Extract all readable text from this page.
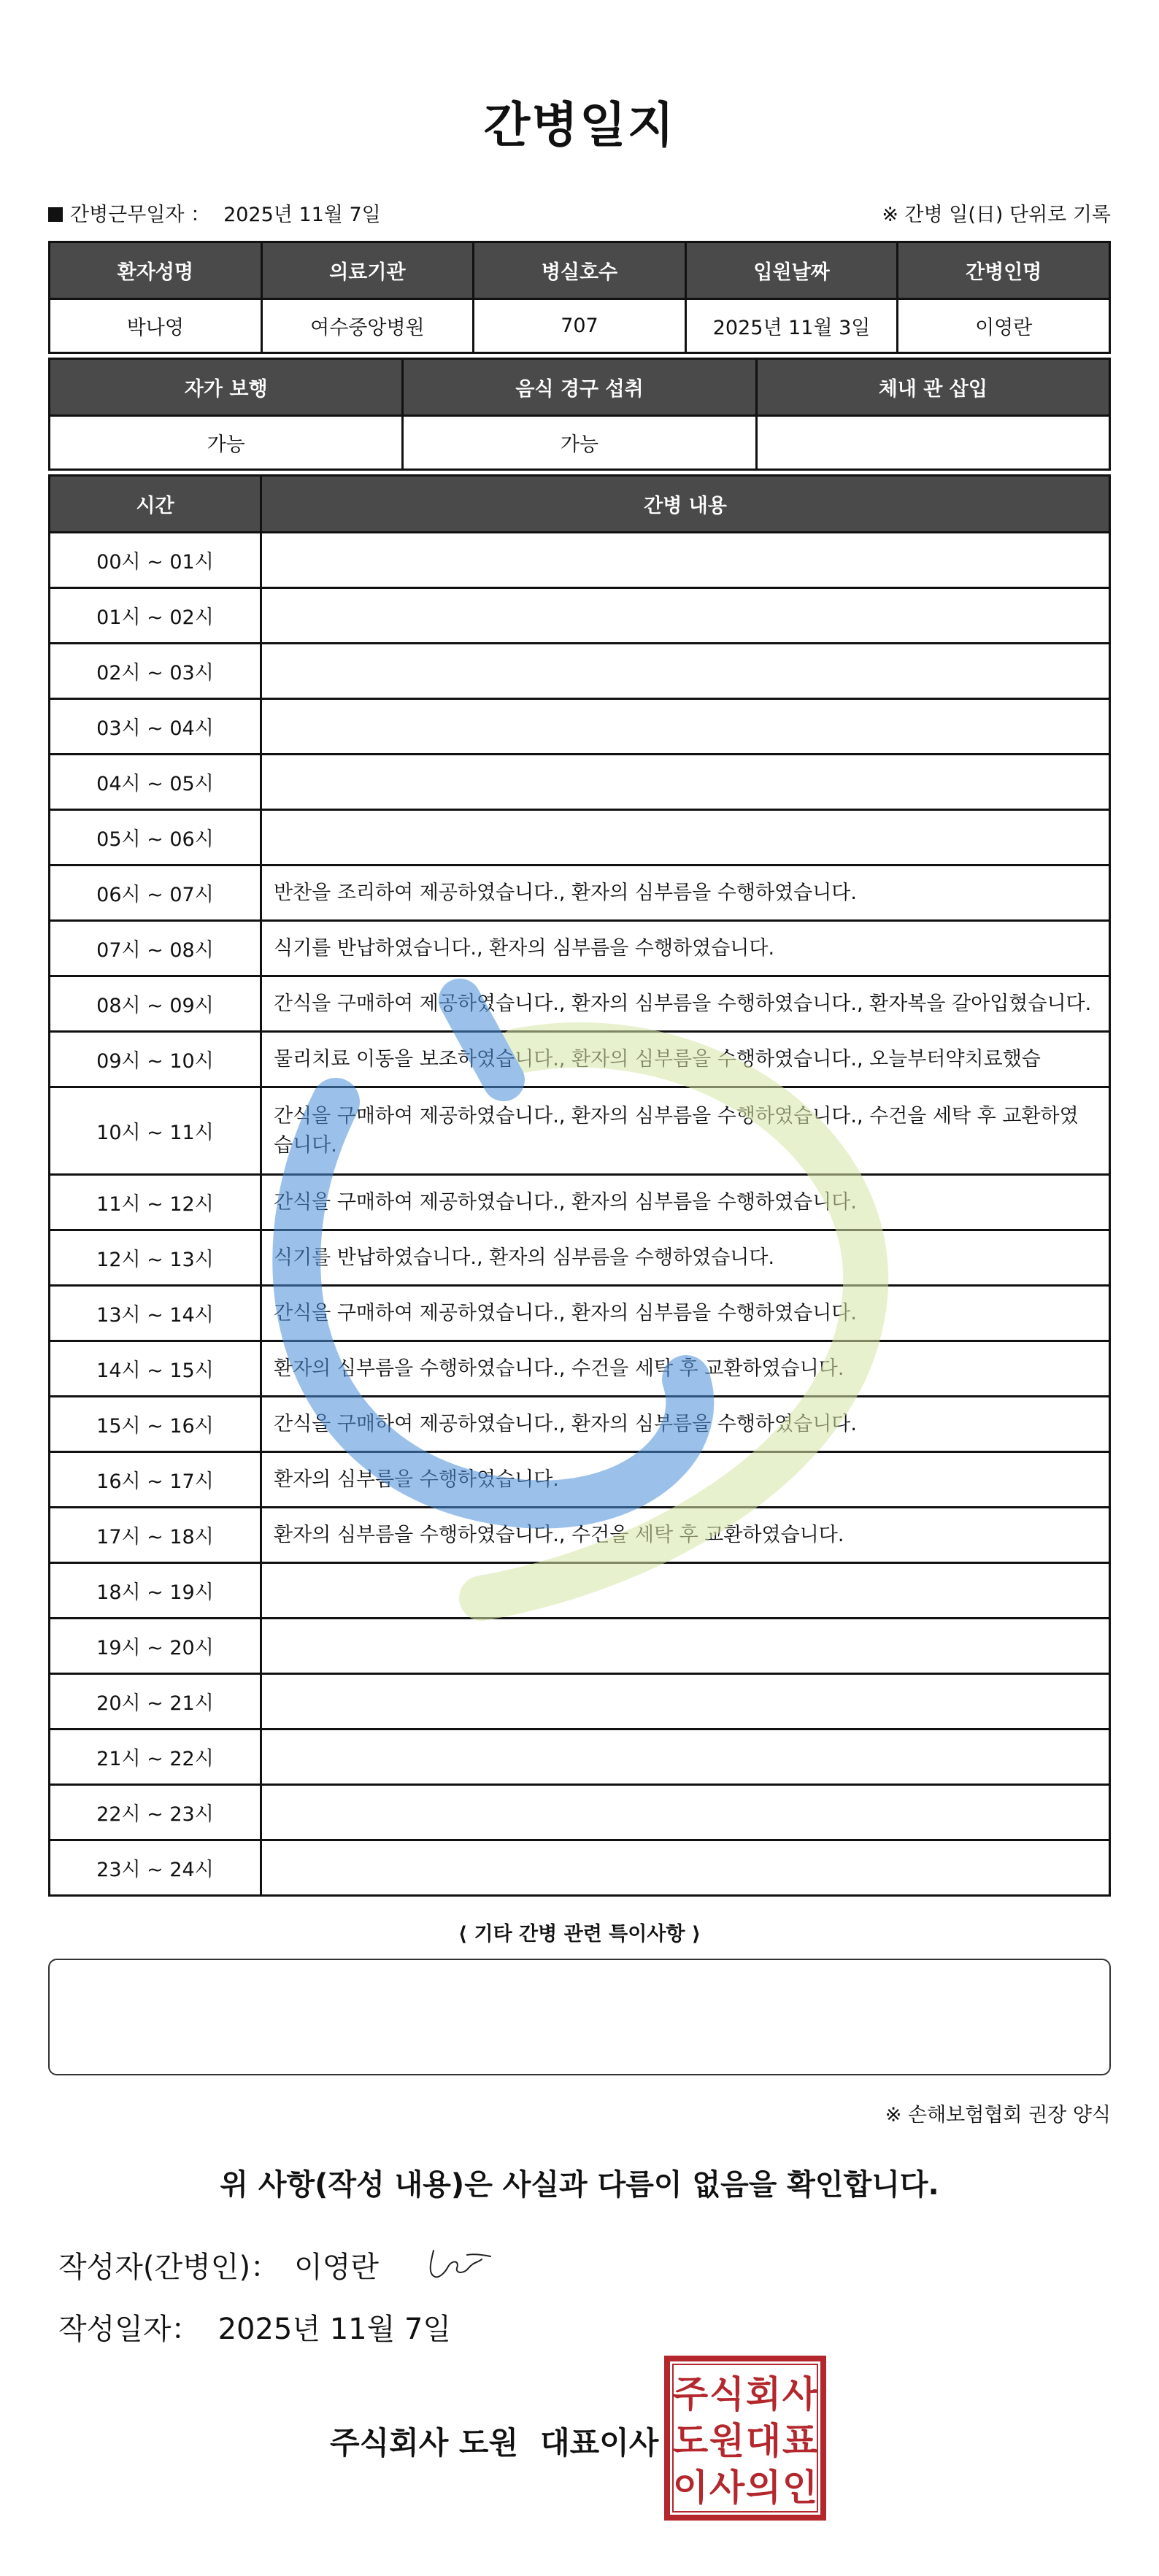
간병일지
간병근무일자 ： 2025년 11월 7일	※ 간병 일(日) 단위로 기록
환자성명	의료기관	병실호수	입원날짜	간병인명
박나영	여수중앙병원	707	2025년 11월 3일	이영란
자가 보행	음식 경구 섭취	체내 관 삽입
가능	가능	
시간	간병 내용
00시 ~ 01시	
01시 ~ 02시	
02시 ~ 03시	
03시 ~ 04시	
04시 ~ 05시	
05시 ~ 06시	
06시 ~ 07시	반찬을 조리하여 제공하였습니다., 환자의 심부름을 수행하였습니다.
07시 ~ 08시	식기를 반납하였습니다., 환자의 심부름을 수행하였습니다.
08시 ~ 09시	간식을 구매하여 제공하였습니다., 환자의 심부름을 수행하였습니다., 환자복을 갈아입혔습니다.
09시 ~ 10시	물리치료 이동을 보조하였습니다., 환자의 심부름을 수행하였습니다., 오늘부터약치료했습
10시 ~ 11시	간식을 구매하여 제공하였습니다., 환자의 심부름을 수행하였습니다., 수건을 세탁 후 교환하였습니다.
11시 ~ 12시	간식을 구매하여 제공하였습니다., 환자의 심부름을 수행하였습니다.
12시 ~ 13시	식기를 반납하였습니다., 환자의 심부름을 수행하였습니다.
13시 ~ 14시	간식을 구매하여 제공하였습니다., 환자의 심부름을 수행하였습니다.
14시 ~ 15시	환자의 심부름을 수행하였습니다., 수건을 세탁 후 교환하였습니다.
15시 ~ 16시	간식을 구매하여 제공하였습니다., 환자의 심부름을 수행하였습니다.
16시 ~ 17시	환자의 심부름을 수행하였습니다.
17시 ~ 18시	환자의 심부름을 수행하였습니다., 수건을 세탁 후 교환하였습니다.
18시 ~ 19시	
19시 ~ 20시	
20시 ~ 21시	
21시 ~ 22시	
22시 ~ 23시	
23시 ~ 24시	
⟨ 기타 간병 관련 특이사항 ⟩
※ 손해보험협회 권장 양식
위 사항(작성 내용)은 사실과 다름이 없음을 확인합니다.
작성자(간병인)： 이영란
작성일자： 2025년 11월 7일
주식회사 도원 대표이사
주 식 회 사
도 원 대 표
이 사 의 인
